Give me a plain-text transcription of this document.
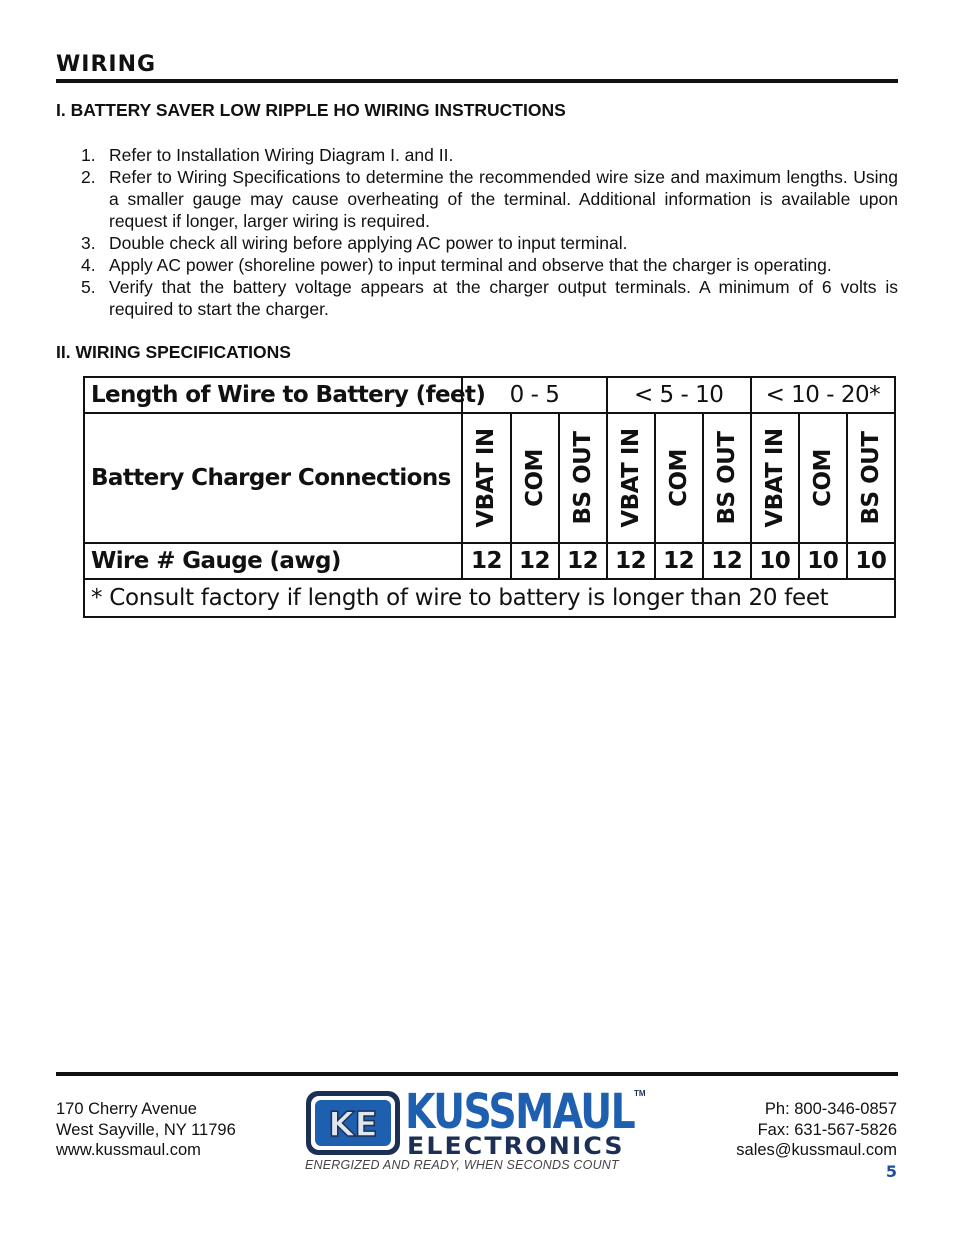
WIRING
I. BATTERY SAVER LOW RIPPLE HO WIRING INSTRUCTIONS
1. Refer to Installation Wiring Diagram I. and II.
2. Refer to Wiring Specifications to determine the recommended wire size and maximum lengths. Using a smaller gauge may cause overheating of the terminal. Additional information is available upon request if longer, larger wiring is required.
3. Double check all wiring before applying AC power to input terminal.
4. Apply AC power (shoreline power) to input terminal and observe that the charger is operating.
5. Verify that the battery voltage appears at the charger output terminals. A minimum of 6 volts is required to start the charger.
II. WIRING SPECIFICATIONS
Length of Wire to Battery (feet)	0 - 5			< 5 - 10			< 10 - 20*		
Battery Charger Connections	VBAT IN	COM	BS OUT	VBAT IN	COM	BS OUT	VBAT IN	COM	BS OUT

Wire # Gauge (awg)	12	12	12	12	12	12	10	10	10
* Consult factory if length of wire to battery is longer than 20 feet									
170 Cherry Avenue
West Sayville, NY 11796
www.kussmaul.com
KE KUSSMAUL TM
ELECTRONICS
ENERGIZED AND READY, WHEN SECONDS COUNT
Ph: 800-346-0857
Fax: 631-567-5826
sales@kussmaul.com
5
